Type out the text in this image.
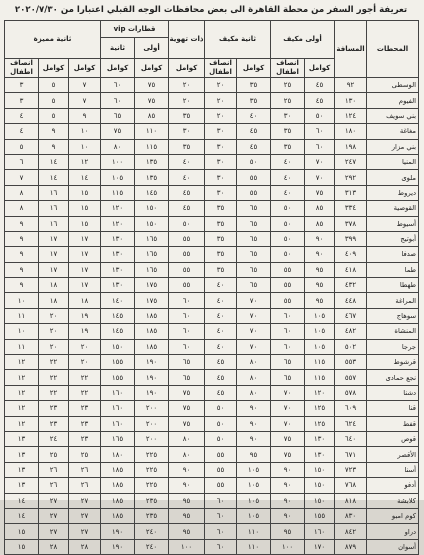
تعريفة أجور السفر من محطة القاهرة الى بعض محافظات الوجه القبلي اعتبارا من ٢٠٢٠/٧/٣٠
المحطات	المسافة	أولى مكيف		ثانية مكيف		ذات تهوية	قطارات vip		ثانية مميزة		
							أولى	ثانية			
		كوامل	انصاف اطفال	كوامل	انصاف اطفال	كوامل	كوامل	كوامل	كوامل	كوامل	انصاف اطفال
الوسطى	٩٢	٤٥	٢٥	٣٥	٢٠	٢٠	٧٥	٦٠	٧	٥	٣
الفيوم	١٣٠	٤٥	٢٥	٣٥	٢٠	٢٠	٧٥	٦٠	٧	٥	٣
بني سويف	١٢٤	٥٠	٣٠	٤٠	٢٠	٣٥	٨٥	٦٥	٩	٥	٤
مغاغة	١٨٠	٦٠	٣٥	٤٥	٣٠	٣٠	١١٠	٧٥	١٠	٩	٤
بني مزار	١٩٨	٦٠	٣٥	٤٥	٣٠	٣٥	١١٥	٨٠	١٠	٩	٥
المنيا	٢٤٧	٧٠	٤٠	٥٠	٣٠	٤٠	١٣٥	١٠٠	١٢	١٤	٦
ملوى	٢٩٢	٧٠	٤٠	٥٥	٣٠	٤٠	١٣٥	١٠٥	١٤	١٤	٧
ديروط	٣١٣	٧٥	٤٠	٥٥	٣٠	٤٥	١٤٥	١١٥	١٥	١٦	٨
القوصية	٣٣٤	٨٥	٥٠	٦٥	٣٥	٤٥	١٥٠	١٢٠	١٥	١٦	٨
أسيوط	٣٧٨	٨٥	٥٠	٦٥	٣٥	٥٠	١٥٠	١٢٠	١٥	١٦	٩
أبوتيج	٣٩٩	٩٠	٥٠	٦٥	٣٥	٥٥	١٦٥	١٣٠	١٧	١٧	٩
صدفا	٤٠٩	٩٠	٥٠	٦٥	٣٥	٥٥	١٦٥	١٣٠	١٧	١٧	٩
طما	٤١٨	٩٥	٥٥	٦٥	٣٥	٥٥	١٦٥	١٣٠	١٧	١٧	٩
طهطا	٤٣٢	٩٥	٥٥	٦٥	٤٠	٥٥	١٧٥	١٣٠	١٧	١٨	٩
المراغة	٤٤٨	٩٥	٥٥	٧٠	٤٠	٦٠	١٧٥	١٤٠	١٨	١٨	١٠
سوهاج	٤٦٧	١٠٥	٦٠	٧٠	٤٠	٦٠	١٨٥	١٤٥	١٩	٢٠	١١
المنشاة	٤٨٢	١٠٥	٦٠	٧٠	٤٠	٦٠	١٨٥	١٤٥	١٩	٢٠	١٠
جرجا	٥٠٢	١٠٥	٦٠	٧٠	٤٠	٦٠	١٨٥	١٥٠	٢٠	٢٠	١١
قرشوط	٥٥٣	١١٥	٦٥	٨٠	٤٥	٦٥	١٩٠	١٥٥	٢٠	٢٢	١٢
نجع حمادى	٥٥٧	١١٥	٦٥	٨٠	٤٥	٦٥	١٩٠	١٥٥	٢٢	٢٢	١٢
دشنا	٥٧٨	١٢٠	٧٠	٨٠	٤٥	٧٥	١٩٠	١٦٠	٢٢	٢٢	١٢
قنا	٦٠٩	١٢٥	٧٠	٩٠	٥٠	٧٥	٢٠٠	١٦٠	٢٣	٢٣	١٢
قفط	٦٢٤	١٢٥	٧٠	٩٠	٥٠	٧٥	٢٠٠	١٦٠	٢٣	٢٣	١٢
قوص	٦٤٠	١٣٠	٧٥	٩٠	٥٠	٨٠	٢٠٠	١٦٥	٢٣	٢٤	١٣
الأقصر	٦٧١	١٣٠	٧٥	٩٥	٥٥	٨٠	٢٢٥	١٨٠	٢٥	٢٥	١٣
أسنا	٧٢٣	١٥٠	٩٠	١٠٥	٥٥	٩٠	٢٢٥	١٨٥	٢٦	٢٦	١٣
أدفو	٧٦٨	١٥٠	٩٠	١٠٥	٥٥	٩٠	٢٢٥	١٨٥	٢٦	٢٦	١٣
كلابشة	٨١٨	١٥٠	٩٠	١٠٥	٦٠	٩٥	٢٣٥	١٨٥	٢٧	٢٧	١٤
كوم امبو	٨٣٠	١٥٥	٩٠	١٠٥	٦٠	٩٥	٢٣٥	١٨٥	٢٧	٢٧	١٤
دراو	٨٤٢	١٦٠	٩٥	١١٠	٦٠	٩٥	٢٤٠	١٩٠	٢٧	٢٧	١٥
أسوان	٨٧٩	١٧٠	١٠٠	١١٠	٦٠	١٠٠	٢٤٠	١٩٠	٢٨	٢٨	١٥
